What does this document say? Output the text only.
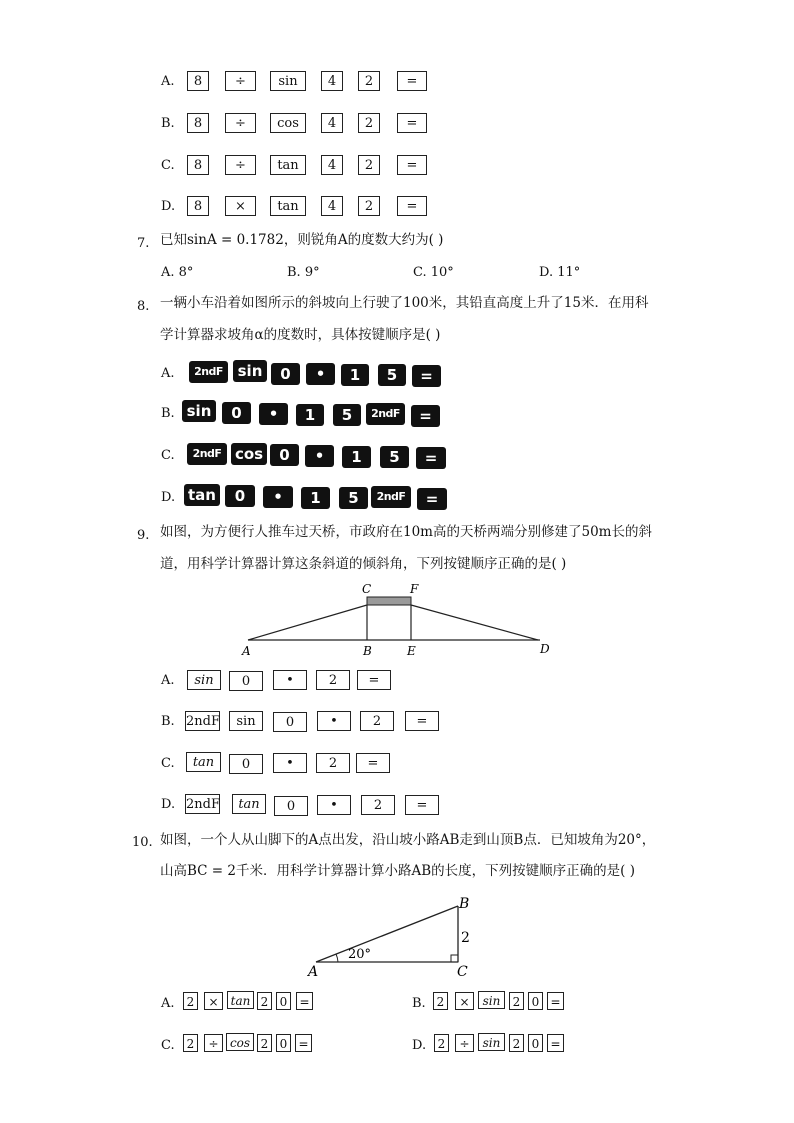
A.	8	÷	sin	4	2	=
B.	8	÷	cos	4	2	=
C.	8	÷	tan	4	2	=
D.	8	×	tan	4	2	=
7. 已知sinA = 0.1782，则锐角A的度数大约为( )
A. 8°	B. 9°	C. 10°	D. 11°
8. 一辆小车沿着如图所示的斜坡向上行驶了100米，其铅直高度上升了15米．在用科
学计算器求坡角α的度数时，具体按键顺序是( )
A.	2ndF sin	0	•	1	5	=
B. sin	0	•	1	5	2ndF	=
C.	2ndF cos	0	•	1	5	=
D. tan	0	•	1	5	2ndF	=
9. 如图，为方便行人推车过天桥，市政府在10m高的天桥两端分别修建了50m长的斜
道，用科学计算器计算这条斜道的倾斜角，下列按键顺序正确的是( )
A	B	E	D
C	F
A.	sin	0	•	2	=
B. 2ndF	sin	0	•	2	=
C.	tan	0	•	2	=
D. 2ndF	tan	0	•	2	=
10. 如图，一个人从山脚下的A点出发，沿山坡小路AB走到山顶B点．已知坡角为20°，
山高BC = 2千米．用科学计算器计算小路AB的长度，下列按键顺序正确的是( )
A
B
C
2
20°
A.	2	×	tan 2 0	=	B. 2	×	sin	2 0 =
C.	2	÷ cos 2 0 =	D. 2	÷	sin	2 0 =
